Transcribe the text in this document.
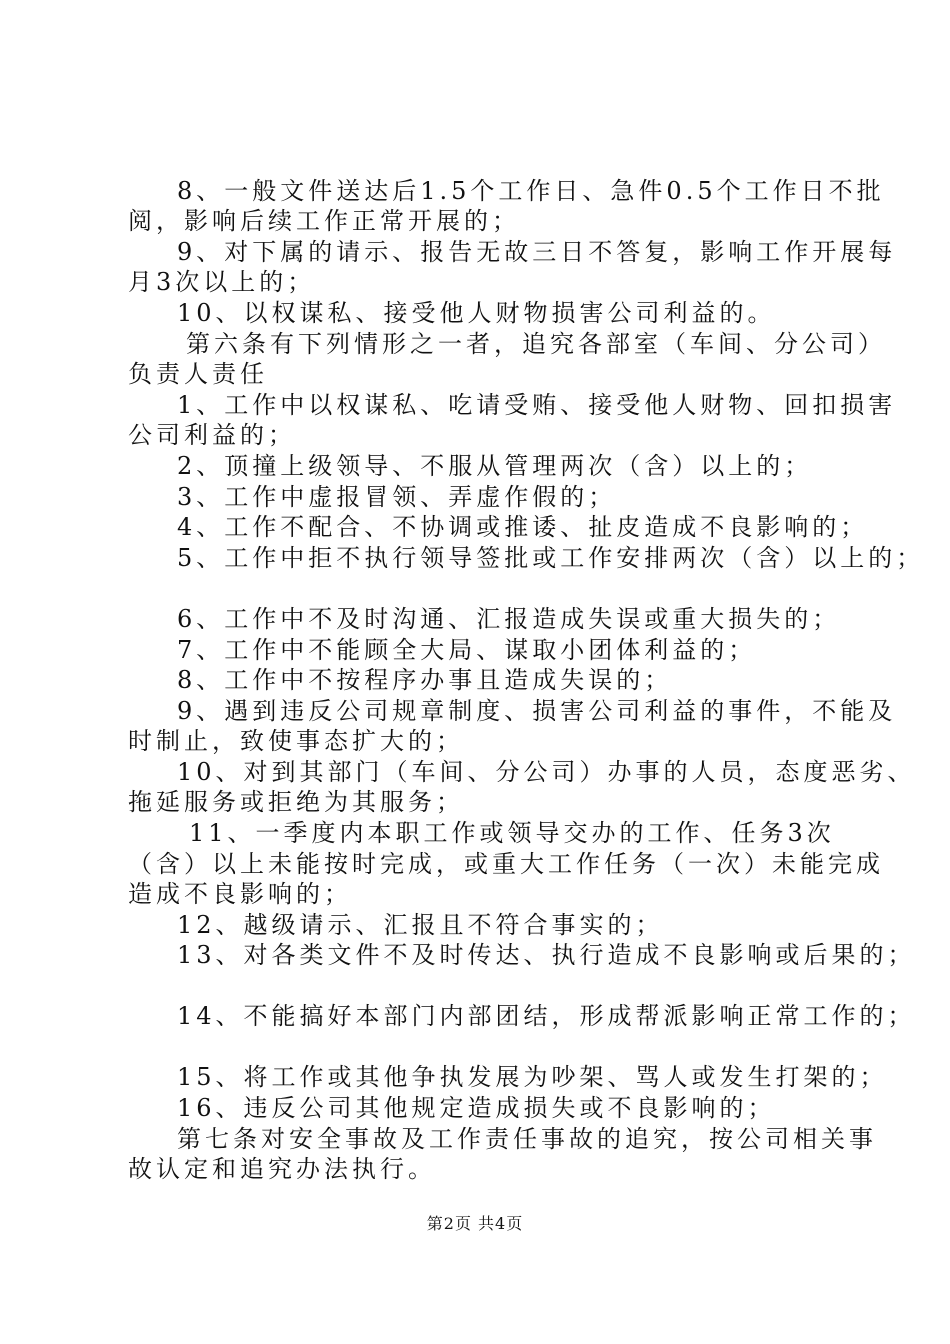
8、一般文件送达后1.5个工作日、急件0.5个工作日不批
阅，影响后续工作正常开展的；
9、对下属的请示、报告无故三日不答复，影响工作开展每
月3次以上的；
10、以权谋私、接受他人财物损害公司利益的。
第六条有下列情形之一者，追究各部室（车间、分公司）
负责人责任
1、工作中以权谋私、吃请受贿、接受他人财物、回扣损害
公司利益的；
2、顶撞上级领导、不服从管理两次（含）以上的；
3、工作中虚报冒领、弄虚作假的；
4、工作不配合、不协调或推诿、扯皮造成不良影响的；
5、工作中拒不执行领导签批或工作安排两次（含）以上的；
6、工作中不及时沟通、汇报造成失误或重大损失的；
7、工作中不能顾全大局、谋取小团体利益的；
8、工作中不按程序办事且造成失误的；
9、遇到违反公司规章制度、损害公司利益的事件，不能及
时制止，致使事态扩大的；
10、对到其部门（车间、分公司）办事的人员，态度恶劣、
拖延服务或拒绝为其服务；
11、一季度内本职工作或领导交办的工作、任务3次
（含）以上未能按时完成，或重大工作任务（一次）未能完成
造成不良影响的；
12、越级请示、汇报且不符合事实的；
13、对各类文件不及时传达、执行造成不良影响或后果的；
14、不能搞好本部门内部团结，形成帮派影响正常工作的；
15、将工作或其他争执发展为吵架、骂人或发生打架的；
16、违反公司其他规定造成损失或不良影响的；
第七条对安全事故及工作责任事故的追究，按公司相关事
故认定和追究办法执行。
第2页 共4页
